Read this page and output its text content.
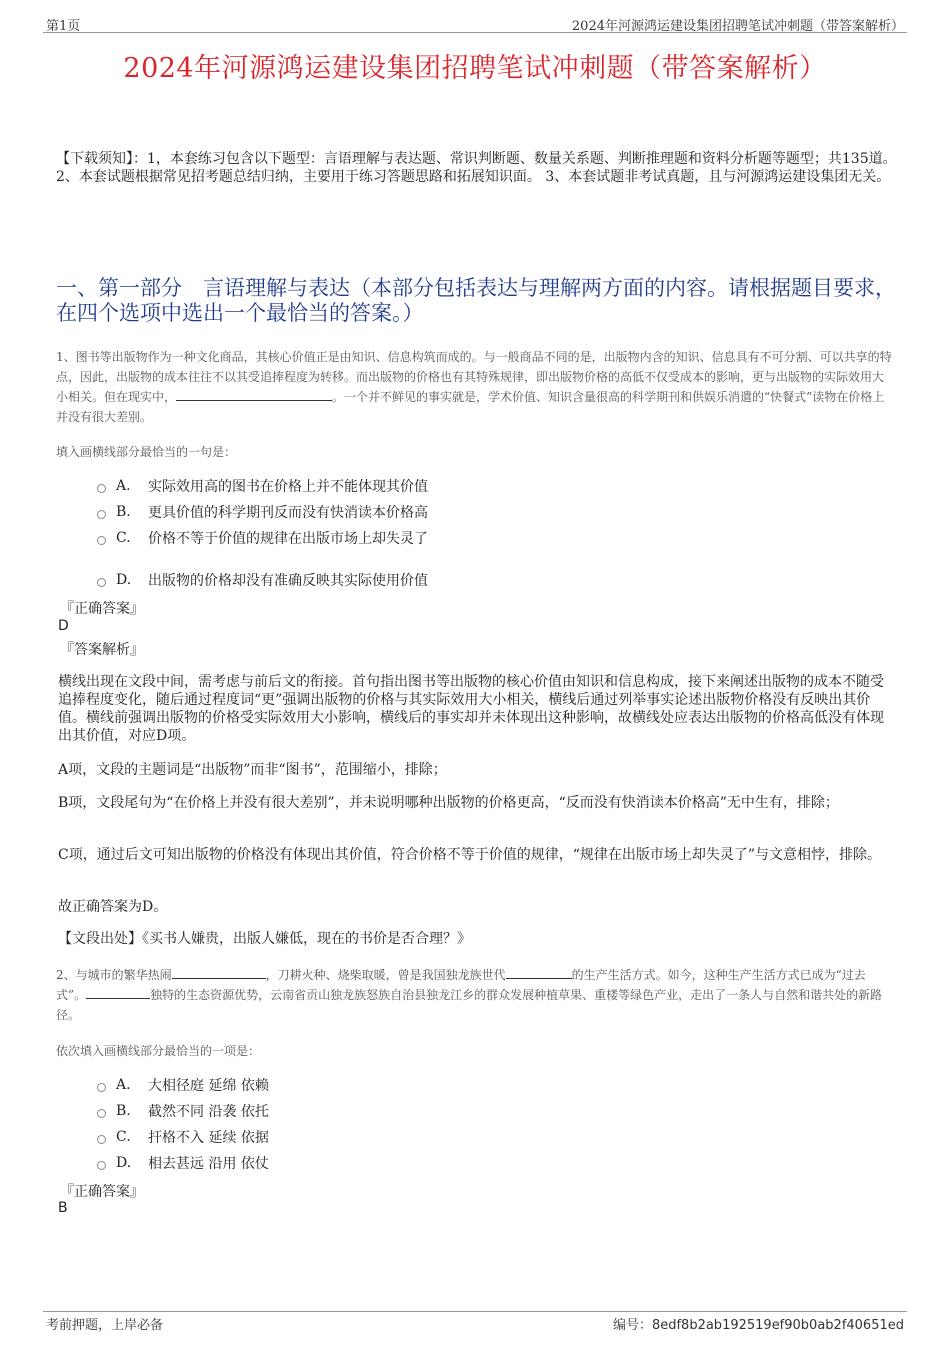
第1页	2024年河源鸿运建设集团招聘笔试冲刺题（带答案解析）
2024年河源鸿运建设集团招聘笔试冲刺题（带答案解析）
【下载须知】：1，本套练习包含以下题型：言语理解与表达题、常识判断题、数量关系题、判断推理题和资料分析题等题型；共135道。 2、本套试题根据常见招考题总结归纳，主要用于练习答题思路和拓展知识面。 3、本套试题非考试真题，且与河源鸿运建设集团无关。
一、第一部分　言语理解与表达（本部分包括表达与理解两方面的内容。请根据题目要求，在四个选项中选出一个最恰当的答案。）
1、图书等出版物作为一种文化商品，其核心价值正是由知识、信息构筑而成的。与一般商品不同的是，出版物内含的知识、信息具有不可分割、可以共享的特点，因此，出版物的成本往往不以其受追捧程度为转移。而出版物的价格也有其特殊规律，即出版物价格的高低不仅受成本的影响，更与出版物的实际效用大小相关。但在现实中，	。一个并不鲜见的事实就是，学术价值、知识含量很高的科学期刊和供娱乐消遣的“快餐式”读物在价格上并没有很大差别。
填入画横线部分最恰当的一句是：
A.	实际效用高的图书在价格上并不能体现其价值
B.	更具价值的科学期刊反而没有快消读本价格高
C.	价格不等于价值的规律在出版市场上却失灵了
D.	出版物的价格却没有准确反映其实际使用价值
『正确答案』
D
『答案解析』
横线出现在文段中间，需考虑与前后文的衔接。首句指出图书等出版物的核心价值由知识和信息构成，接下来阐述出版物的成本不随受追捧程度变化，随后通过程度词“更”强调出版物的价格与其实际效用大小相关，横线后通过列举事实论述出版物价格没有反映出其价值。横线前强调出版物的价格受实际效用大小影响，横线后的事实却并未体现出这种影响，故横线处应表达出版物的价格高低没有体现出其价值，对应D项。
A项，文段的主题词是“出版物”而非“图书”，范围缩小，排除；
B项，文段尾句为“在价格上并没有很大差别”，并未说明哪种出版物的价格更高，“反而没有快消读本价格高”无中生有，排除；
C项，通过后文可知出版物的价格没有体现出其价值，符合价格不等于价值的规律，“规律在出版市场上却失灵了”与文意相悖，排除。
故正确答案为D。
【文段出处】《买书人嫌贵，出版人嫌低，现在的书价是否合理？》
2、与城市的繁华热闹	，刀耕火种、烧柴取暖，曾是我国独龙族世代	的生产生活方式。如今，这种生产生活方式已成为“过去式”。	独特的生态资源优势，云南省贡山独龙族怒族自治县独龙江乡的群众发展种植草果、重楼等绿色产业，走出了一条人与自然和谐共处的新路径。
依次填入画横线部分最恰当的一项是：
A.	大相径庭 延绵 依赖
B.	截然不同 沿袭 依托
C.	扞格不入 延续 依据
D.	相去甚远 沿用 依仗
『正确答案』
B
考前押题，上岸必备	编号：8edf8b2ab192519ef90b0ab2f40651ed
